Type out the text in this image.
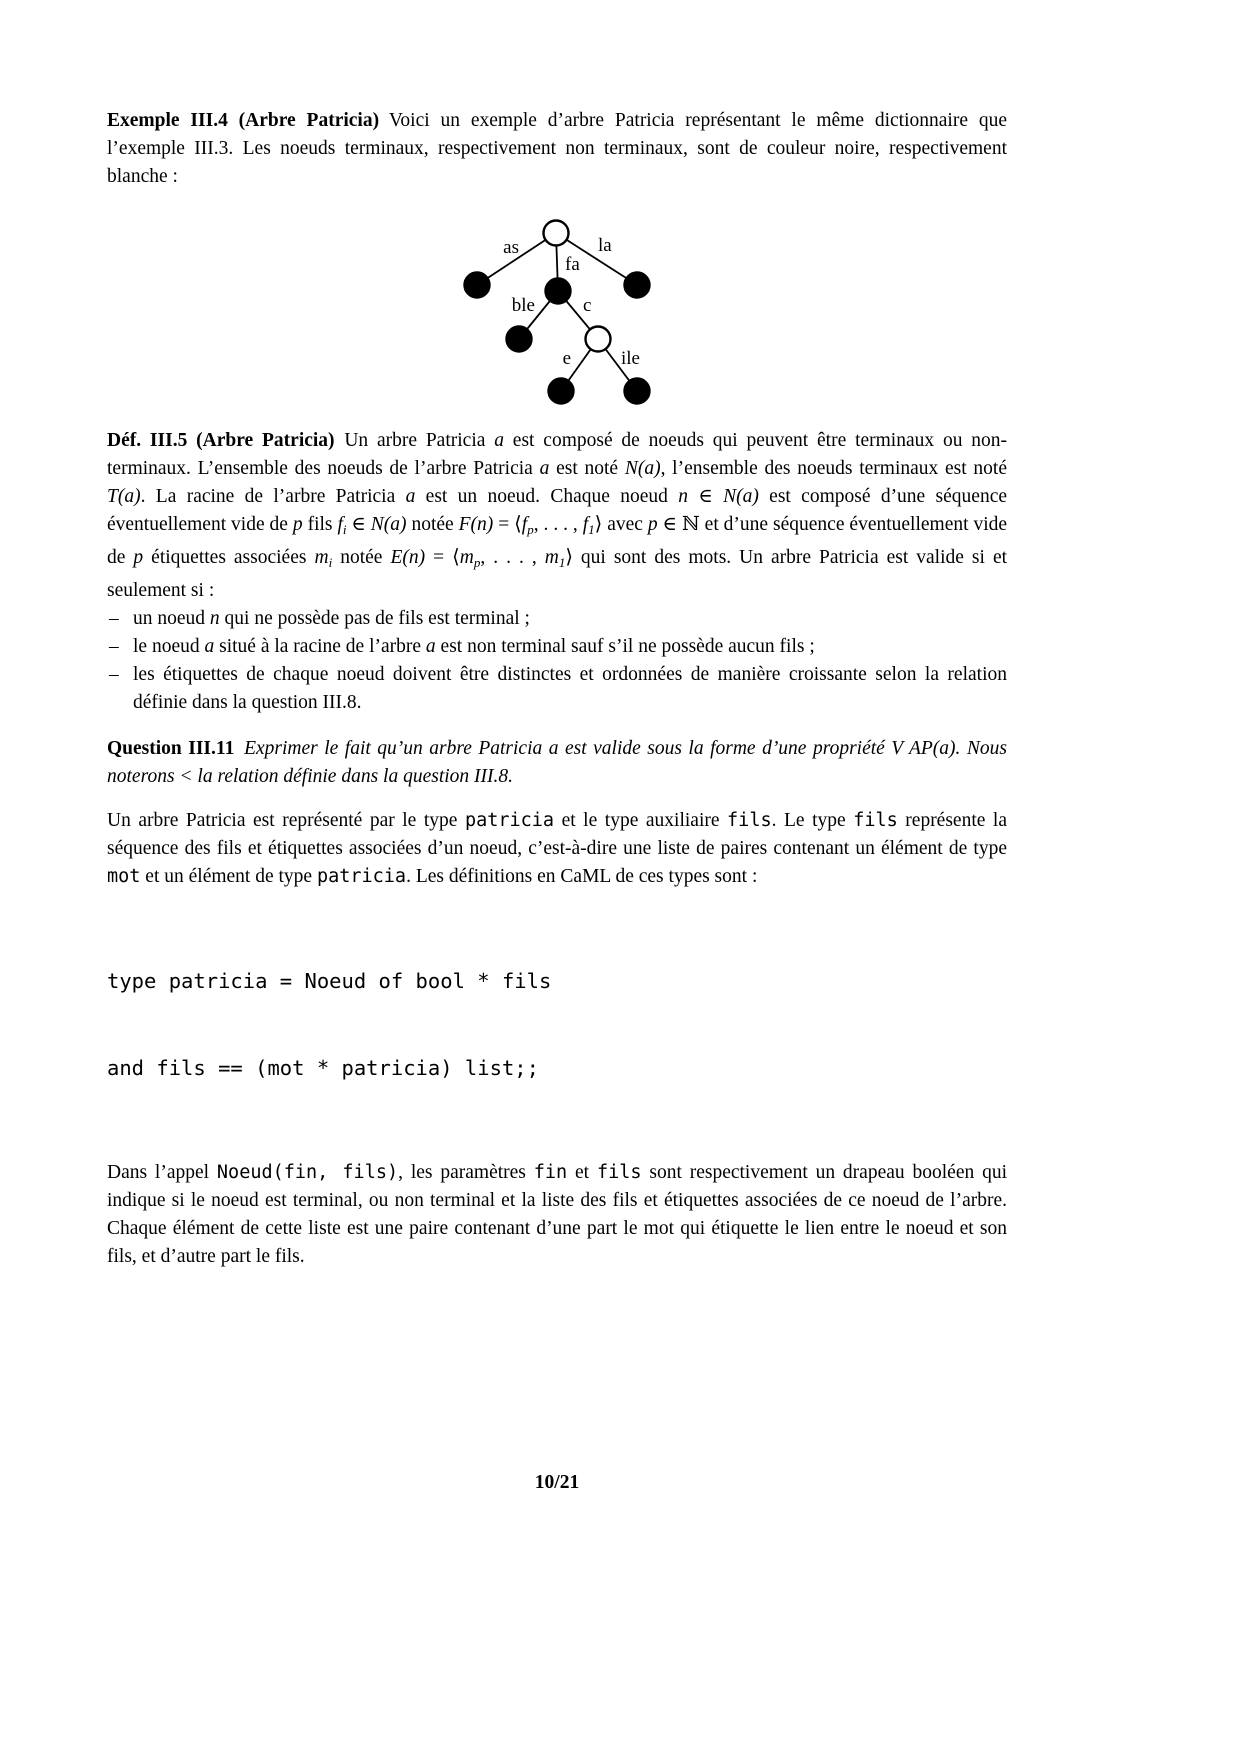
Exemple III.4 (Arbre Patricia) Voici un exemple d’arbre Patricia représentant le même dictionnaire que l’exemple III.3. Les noeuds terminaux, respectivement non terminaux, sont de couleur noire, respectivement blanche :

as
fa
la
ble	c
e	ile

Déf. III.5 (Arbre Patricia) Un arbre Patricia a est composé de noeuds qui peuvent être terminaux ou non-terminaux. L’ensemble des noeuds de l’arbre Patricia a est noté N(a), l’ensemble des noeuds terminaux est noté T(a). La racine de l’arbre Patricia a est un noeud. Chaque noeud n ∈ N(a) est composé d’une séquence éventuellement vide de p fils $f_i$ ∈ N(a) notée $F(n) = ⟨f_p$, . . . , $f_1⟩$ avec p ∈ ℕ et d’une séquence éventuellement vide de p étiquettes associées $m_i$ notée $E(n) = ⟨m_p$, . . . , $m_1⟩$ qui sont des mots. Un arbre Patricia est valide si et seulement si :

– un noeud n qui ne possède pas de fils est terminal ;
– le noeud a situé à la racine de l’arbre a est non terminal sauf s’il ne possède aucun fils ;
– les étiquettes de chaque noeud doivent être distinctes et ordonnées de manière croissante selon la relation définie dans la question III.8.

Question III.11 Exprimer le fait qu’un arbre Patricia a est valide sous la forme d’une propriété V AP(a). Nous noterons < la relation définie dans la question III.8.

Un arbre Patricia est représenté par le type patricia et le type auxiliaire fils. Le type fils représente la séquence des fils et étiquettes associées d’un noeud, c’est-à-dire une liste de paires contenant un élément de type mot et un élément de type patricia. Les définitions en CaML de ces types sont :

type patricia = Noeud of bool * fils

and fils == (mot * patricia) list;;

Dans l’appel Noeud(fin, fils), les paramètres fin et fils sont respectivement un drapeau booléen qui indique si le noeud est terminal, ou non terminal et la liste des fils et étiquettes associées de ce noeud de l’arbre. Chaque élément de cette liste est une paire contenant d’une part le mot qui étiquette le lien entre le noeud et son fils, et d’autre part le fils.

10/21
